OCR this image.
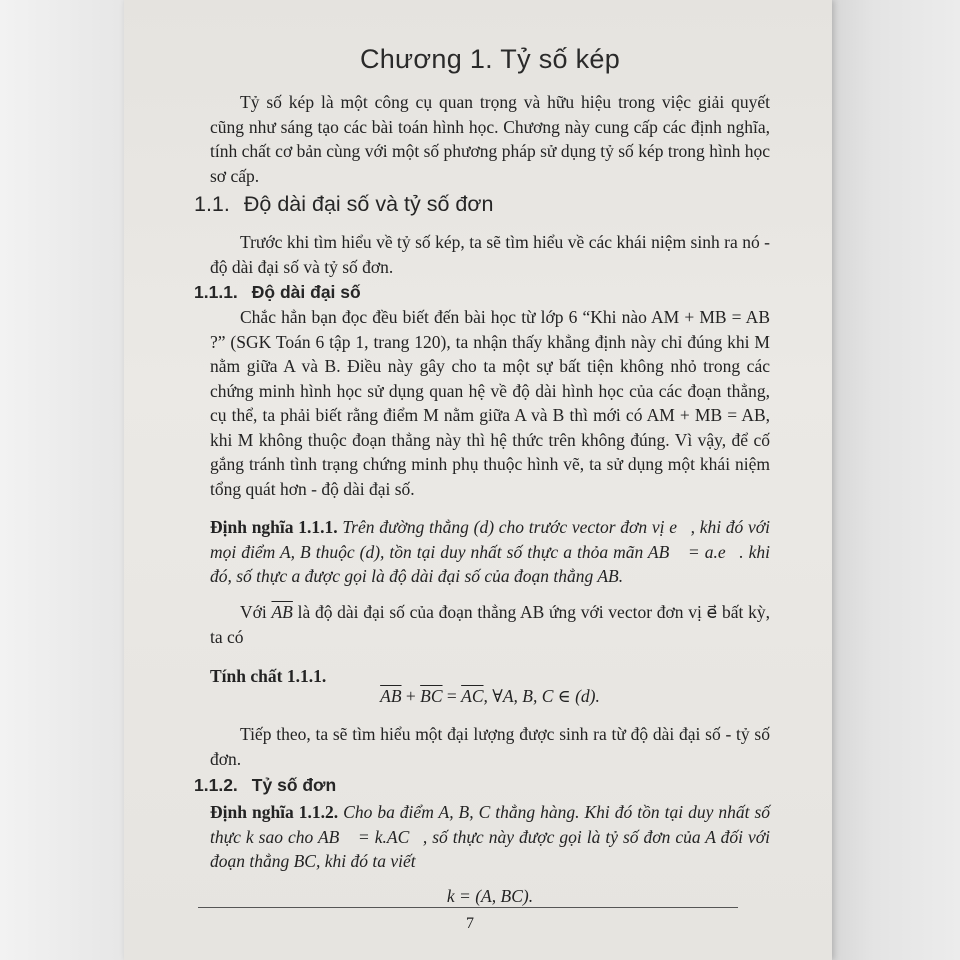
Chương 1. Tỷ số kép
Tỷ số kép là một công cụ quan trọng và hữu hiệu trong việc giải quyết cũng như sáng tạo các bài toán hình học. Chương này cung cấp các định nghĩa, tính chất cơ bản cùng với một số phương pháp sử dụng tỷ số kép trong hình học sơ cấp.
1.1. Độ dài đại số và tỷ số đơn
Trước khi tìm hiểu về tỷ số kép, ta sẽ tìm hiểu về các khái niệm sinh ra nó - độ dài đại số và tỷ số đơn.
1.1.1. Độ dài đại số
Chắc hẳn bạn đọc đều biết đến bài học từ lớp 6 “Khi nào AM + MB = AB ?” (SGK Toán 6 tập 1, trang 120), ta nhận thấy khẳng định này chỉ đúng khi M nằm giữa A và B. Điều này gây cho ta một sự bất tiện không nhỏ trong các chứng minh hình học sử dụng quan hệ về độ dài hình học của các đoạn thẳng, cụ thể, ta phải biết rằng điểm M nằm giữa A và B thì mới có AM + MB = AB, khi M không thuộc đoạn thẳng này thì hệ thức trên không đúng. Vì vậy, để cố gắng tránh tình trạng chứng minh phụ thuộc hình vẽ, ta sử dụng một khái niệm tổng quát hơn - độ dài đại số.
Định nghĩa 1.1.1. Trên đường thẳng (d) cho trước vector đơn vị e⃗, khi đó với mọi điểm A, B thuộc (d), tồn tại duy nhất số thực a thỏa mãn AB⃗ = a.e⃗. khi đó, số thực a được gọi là độ dài đại số của đoạn thẳng AB.
Với $\overline{AB}$ là độ dài đại số của đoạn thẳng AB ứng với vector đơn vị e⃗ bất kỳ, ta có
Tính chất 1.1.1.
$\overline{AB} + \overline{BC} = \overline{AC}$, ∀A, B, C ∈ (d).
Tiếp theo, ta sẽ tìm hiểu một đại lượng được sinh ra từ độ dài đại số - tỷ số đơn.
1.1.2. Tỷ số đơn
Định nghĩa 1.1.2. Cho ba điểm A, B, C thẳng hàng. Khi đó tồn tại duy nhất số thực k sao cho AB⃗ = k.AC⃗, số thực này được gọi là tỷ số đơn của A đối với đoạn thẳng BC, khi đó ta viết
k = (A, BC).
7
